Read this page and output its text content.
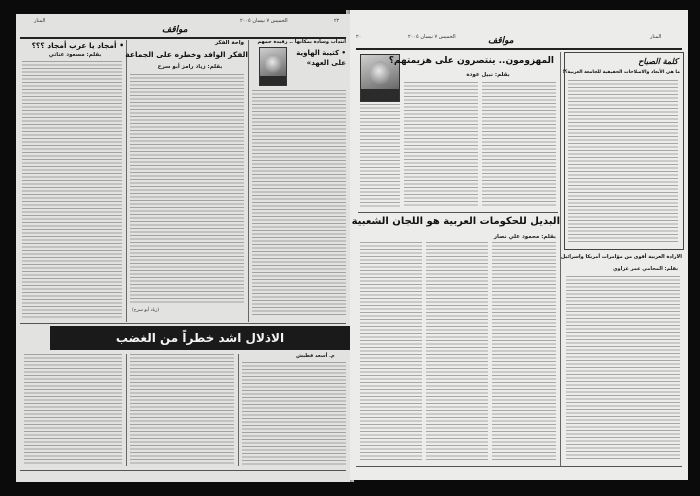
المنار	الخميس ٧ نيسان ٢٠٠٥	٢٢
مواقف
• أمجاد يا عرب أمجاد ؟؟؟
بقلم: مسعود عناتي
واحة الفكر
الفكر الوافد وخطره على الجماعة
بقلم: زياد رامز أبو سرح
(زياد أبو سرح)
انتداب وسادة بمكانها .. رفيدة جمهم
• كتيبة الهاوية على العهد»
الاذلال اشد خطراً من الغضب
م. أسعد قطيش
المنار
الخميس ٧ نيسان ٢٠٠٥
٢٠	مواقف
المهزومون.. ينتصرون على هزيمتهم؟
بقلم: نبيل عودة
البديل للحكومات العربية هو اللجان الشعبية
بقلم: محمود علي نصار
كلمة الصباح
ما هي الأبعاد والاصلاحات الحقيقية للجامعة العربية؟!
الارادة العربية أقوى من مؤامرات أمريكا واسرائيل
بقلم: المحامي عمر غزاوي
